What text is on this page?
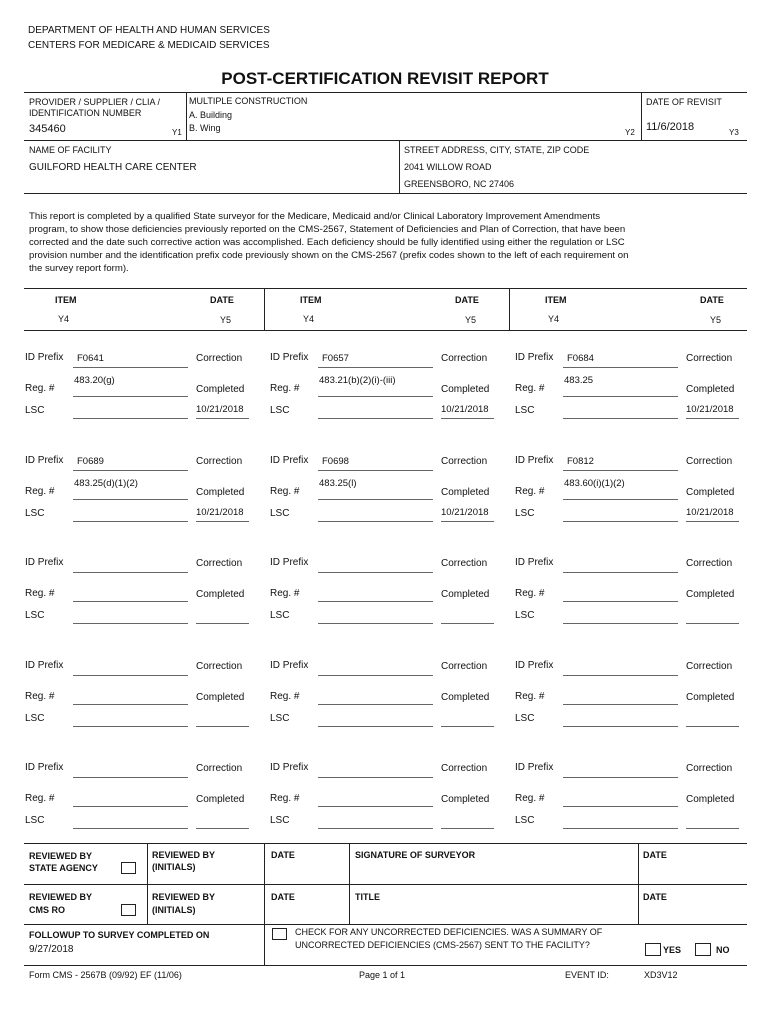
DEPARTMENT OF HEALTH AND HUMAN SERVICES
CENTERS FOR MEDICARE & MEDICAID SERVICES
POST-CERTIFICATION REVISIT REPORT
PROVIDER / SUPPLIER / CLIA /
IDENTIFICATION NUMBER
345460	Y1
MULTIPLE CONSTRUCTION
A. Building
B. Wing	Y2
DATE OF REVISIT
11/6/2018	Y3
NAME OF FACILITY
GUILFORD HEALTH CARE CENTER
STREET ADDRESS, CITY, STATE, ZIP CODE
2041 WILLOW ROAD
GREENSBORO, NC 27406
This report is completed by a qualified State surveyor for the Medicare, Medicaid and/or Clinical Laboratory Improvement Amendments
program, to show those deficiencies previously reported on the CMS-2567, Statement of Deficiencies and Plan of Correction, that have been
corrected and the date such corrective action was accomplished. Each deficiency should be fully identified using either the regulation or LSC
provision number and the identification prefix code previously shown on the CMS-2567 (prefix codes shown to the left of each requirement on
the survey report form).
ITEM	DATE
Y4	Y5
ITEM	DATE
Y4	Y5
ITEM	DATE
Y4	Y5
ID Prefix F0641	Correction
483.20(g)
Reg. #	Completed
LSC	10/21/2018
ID Prefix F0657	Correction
483.21(b)(2)(i)-(iii)
Reg. #	Completed
LSC	10/21/2018
ID Prefix F0684	Correction
483.25
Reg. #	Completed
LSC	10/21/2018
ID Prefix F0689	Correction
483.25(d)(1)(2)
Reg. #	Completed
LSC	10/21/2018
ID Prefix F0698	Correction
483.25(l)
Reg. #	Completed
LSC	10/21/2018
ID Prefix F0812	Correction
483.60(i)(1)(2)
Reg. #	Completed
LSC	10/21/2018
ID Prefix	Correction
Reg. #	Completed
LSC
ID Prefix	Correction
Reg. #	Completed
LSC
ID Prefix	Correction
Reg. #	Completed
LSC
ID Prefix	Correction
Reg. #	Completed
LSC
ID Prefix	Correction
Reg. #	Completed
LSC
ID Prefix	Correction
Reg. #	Completed
LSC
ID Prefix	Correction
Reg. #	Completed
LSC
ID Prefix	Correction
Reg. #	Completed
LSC
ID Prefix	Correction
Reg. #	Completed
LSC
REVIEWED BY
STATE AGENCY
REVIEWED BY
(INITIALS)
DATE	SIGNATURE OF SURVEYOR	DATE
REVIEWED BY
CMS RO
REVIEWED BY
(INITIALS)
DATE	TITLE	DATE
FOLLOWUP TO SURVEY COMPLETED ON
9/27/2018
CHECK FOR ANY UNCORRECTED DEFICIENCIES. WAS A SUMMARY OF
UNCORRECTED DEFICIENCIES (CMS-2567) SENT TO THE FACILITY?	YES	NO
Form CMS - 2567B (09/92) EF (11/06)	Page 1 of 1	EVENT ID:	XD3V12
